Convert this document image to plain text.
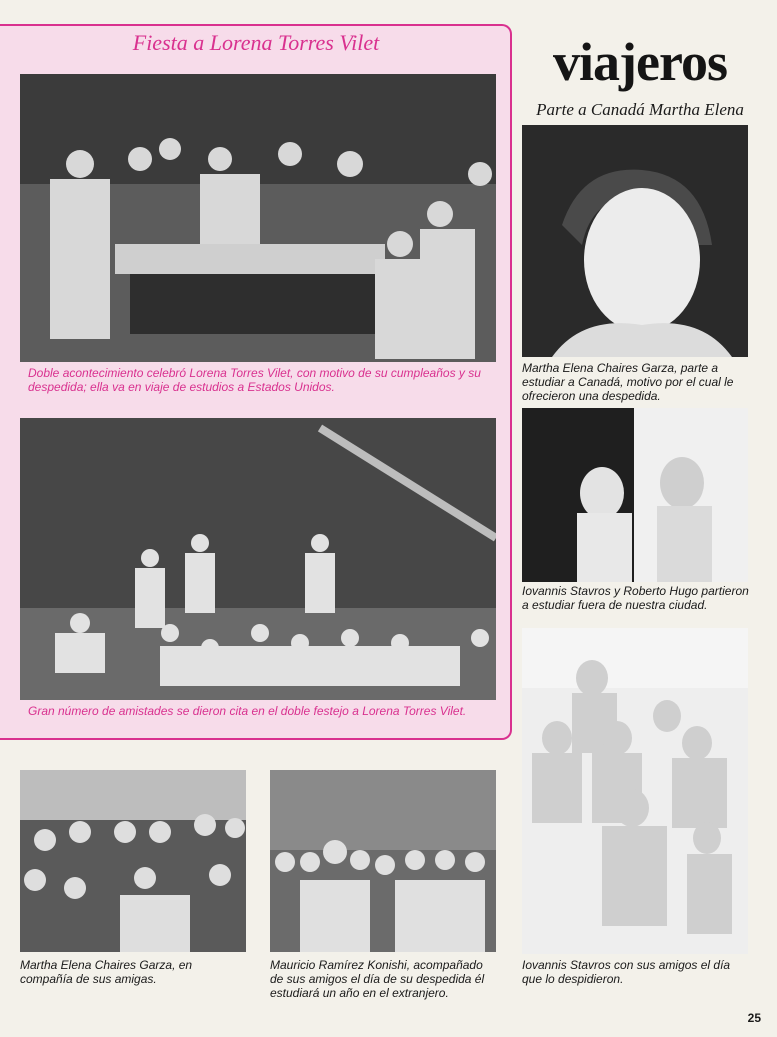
Fiesta a Lorena Torres Vilet
Doble acontecimiento celebró Lorena Torres Vilet, con motivo de su cumpleaños y su despedida; ella va en viaje de estudios a Estados Unidos.
Gran número de amistades se dieron cita en el doble festejo a Lorena Torres Vilet.
viajeros
Parte a Canadá Martha Elena
Martha Elena Chaires Garza, parte a estudiar a Canadá, motivo por el cual le ofrecieron una despedida.
Iovannis Stavros y Roberto Hugo partieron a estudiar fuera de nuestra ciudad.
Iovannis Stavros con sus amigos el día que lo despidieron.
Martha Elena Chaires Garza, en compañía de sus amigas.
Mauricio Ramírez Konishi, acompañado de sus amigos el día de su despedida él estudiará un año en el extranjero.
25
